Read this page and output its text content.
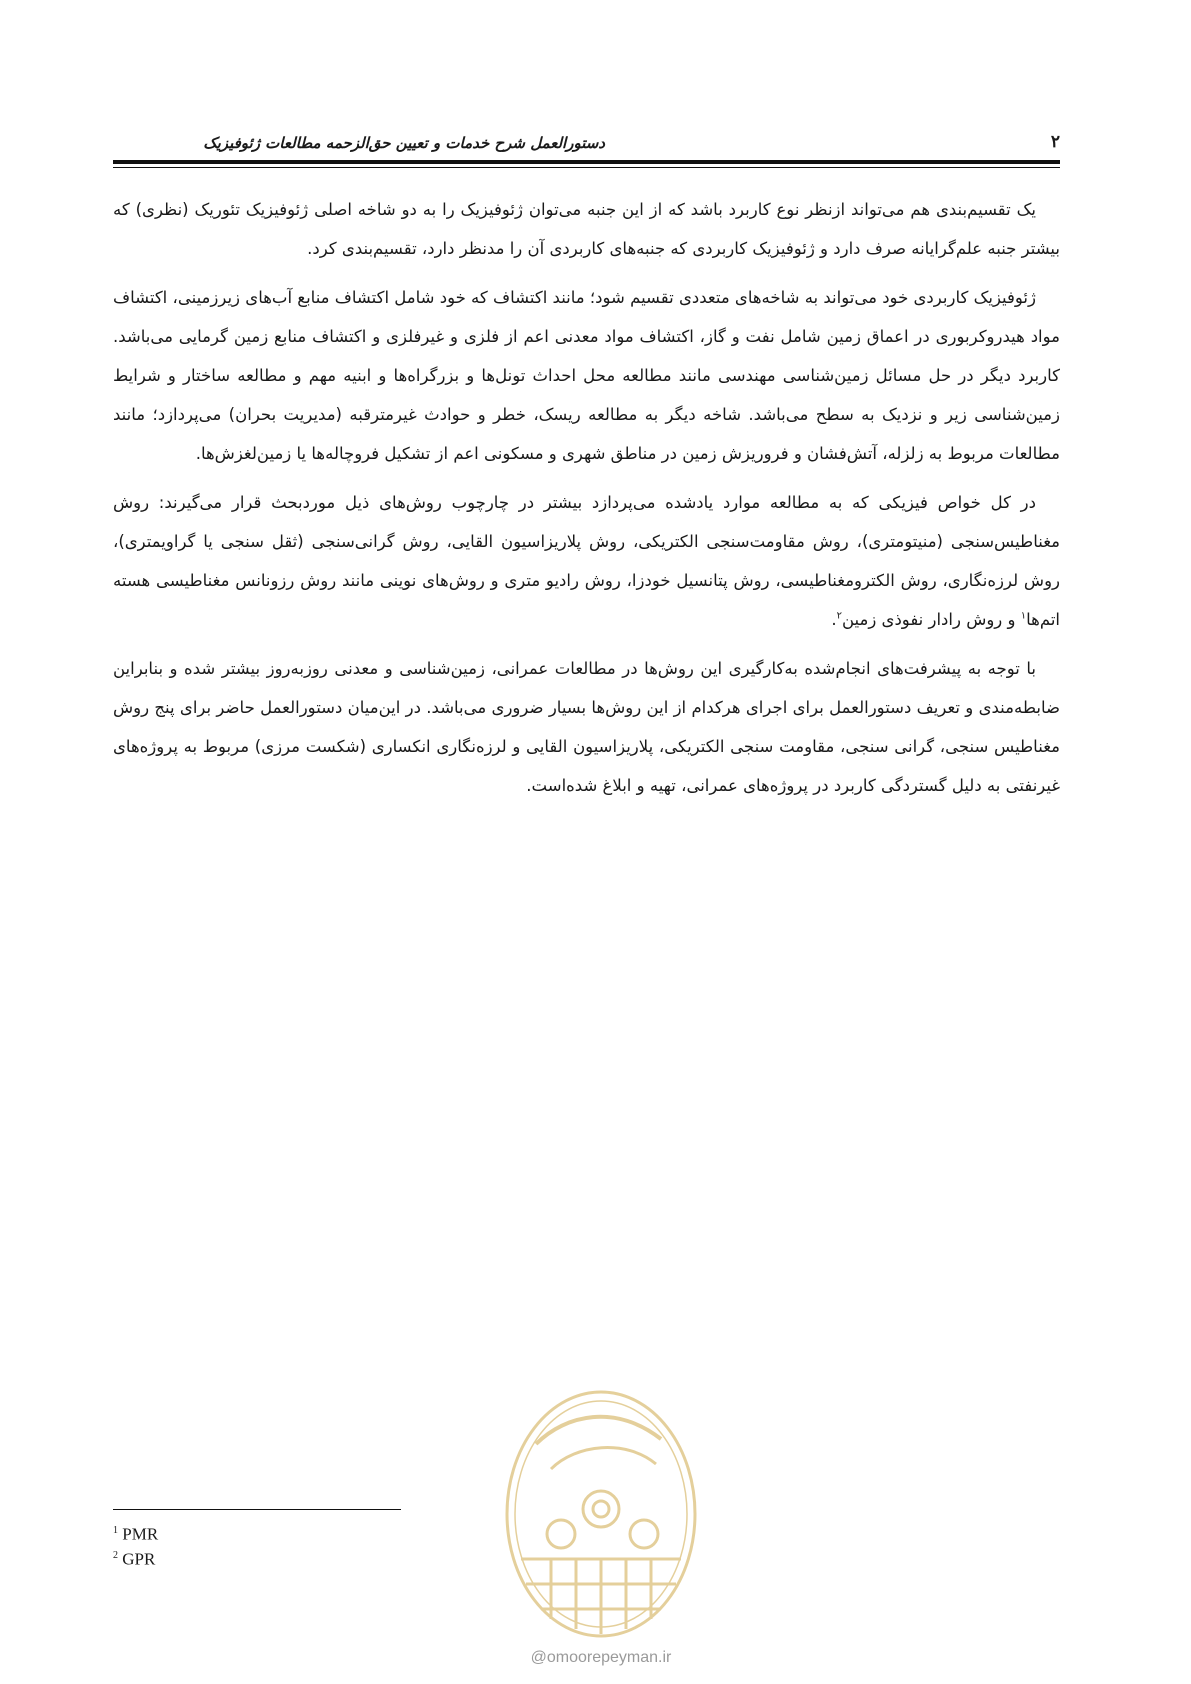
دستورالعمل شرح خدمات و تعیین حق‌الزحمه مطالعات ژئوفیزیک	۲

یک تقسیم‌بندی هم می‌تواند ازنظر نوع کاربرد باشد که از این جنبه می‌توان ژئوفیزیک را به دو شاخه اصلی ژئوفیزیک تئوریک (نظری) که بیشتر جنبه علم‌گرایانه صرف دارد و ژئوفیزیک کاربردی که جنبه‌های کاربردی آن را مدنظر دارد، تقسیم‌بندی کرد.

ژئوفیزیک کاربردی خود می‌تواند به شاخه‌های متعددی تقسیم شود؛ مانند اکتشاف که خود شامل اکتشاف منابع آب‌های زیرزمینی، اکتشاف مواد هیدروکربوری در اعماق زمین شامل نفت و گاز، اکتشاف مواد معدنی اعم از فلزی و غیرفلزی و اکتشاف منابع زمین گرمایی می‌باشد. کاربرد دیگر در حل مسائل زمین‌شناسی مهندسی مانند مطالعه محل احداث تونل‌ها و بزرگراه‌ها و ابنیه مهم و مطالعه ساختار و شرایط زمین‌شناسی زیر و نزدیک به سطح می‌باشد. شاخه دیگر به مطالعه ریسک، خطر و حوادث غیرمترقبه (مدیریت بحران) می‌پردازد؛ مانند مطالعات مربوط به زلزله، آتش‌فشان و فروریزش زمین در مناطق شهری و مسکونی اعم از تشکیل فروچاله‌ها یا زمین‌لغزش‌ها.

در کل خواص فیزیکی که به مطالعه موارد یادشده می‌پردازد بیشتر در چارچوب روش‌های ذیل موردبحث قرار می‌گیرند: روش مغناطیس‌سنجی (منیتومتری)، روش مقاومت‌سنجی الکتریکی، روش پلاریزاسیون القایی، روش گرانی‌سنجی (ثقل سنجی یا گراویمتری)، روش لرزه‌نگاری، روش الکترومغناطیسی، روش پتانسیل خودزا، روش رادیو متری و روش‌های نوینی مانند روش رزونانس مغناطیسی هسته اتم‌ها$^۱$ و روش رادار نفوذی زمین$^۲$.

با توجه به پیشرفت‌های انجام‌شده به‌کارگیری این روش‌ها در مطالعات عمرانی، زمین‌شناسی و معدنی روزبه‌روز بیشتر شده و بنابراین ضابطه‌مندی و تعریف دستورالعمل برای اجرای هرکدام از این روش‌ها بسیار ضروری می‌باشد. در این‌میان دستورالعمل حاضر برای پنج روش مغناطیس سنجی، گرانی سنجی، مقاومت سنجی الکتریکی، پلاریزاسیون القایی و لرزه‌نگاری انکساری (شکست مرزی) مربوط به پروژه‌های غیرنفتی به دلیل گستردگی کاربرد در پروژه‌های عمرانی، تهیه و ابلاغ شده‌است.

$^1$ PMR
$^2$ GPR
@omoorepeyman.ir
